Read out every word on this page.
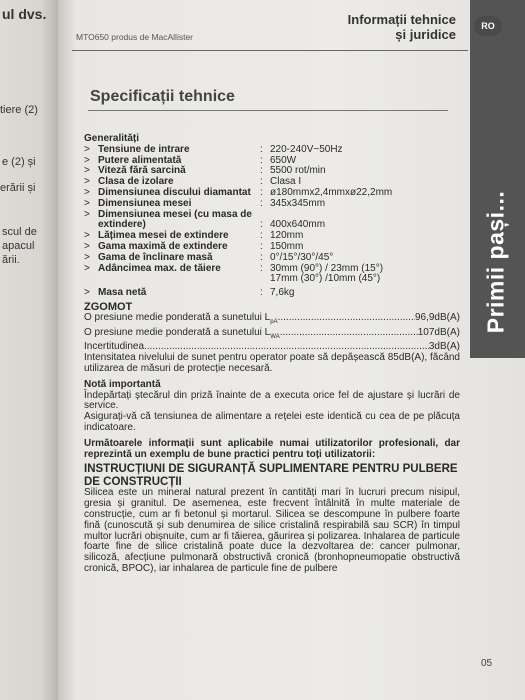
ul dvs.
tiere (2)
e (2) și
erării și
scul de
apacul
ării.
MTO650 produs de MacAllister
Informații tehnice
și juridice
RO
Primii pași...
Specificații tehnice
Generalități
> Tensiune de intrare	: 220-240V~50Hz
> Putere alimentată	: 650W
> Viteză fără sarcină	: 5500 rot/min
> Clasa de izolare	: Clasa I
> Dimensiunea discului diamantat : ø180mmx2,4mmxø22,2mm
> Dimensiunea mesei	: 345x345mm
> Dimensiunea mesei (cu masa de extindere)	: 400x640mm
> Lățimea mesei de extindere	: 120mm
> Gama maximă de extindere	: 150mm
> Gama de înclinare masă	: 0°/15°/30°/45°
> Adâncimea max. de tăiere	: 30mm (90°) / 23mm (15°)
17mm (30°) /10mm (45°)
> Masa netă	: 7,6kg
ZGOMOT
O presiune medie ponderată a sunetului $L_{pA}$ .....	96,9dB(A)
O presiune medie ponderată a sunetului $L_{WA}$ .....	107dB(A)
Incertitudinea .....	3dB(A)
Intensitatea nivelului de sunet pentru operator poate să depășească 85dB(A), făcând utilizarea de măsuri de protecție necesară.
Notă importantă
Îndepărtați ștecărul din priză înainte de a executa orice fel de ajustare și lucrări de service.
Asigurați-vă că tensiunea de alimentare a rețelei este identică cu cea de pe plăcuța indicatoare.
Următoarele informații sunt aplicabile numai utilizatorilor profesionali, dar reprezintă un exemplu de bune practici pentru toți utilizatorii:
INSTRUCȚIUNI DE SIGURANȚĂ SUPLIMENTARE PENTRU PULBERE DE CONSTRUCȚII
Silicea este un mineral natural prezent în cantități mari în lucruri precum nisipul, gresia și granitul. De asemenea, este frecvent întâlnită în multe materiale de construcție, cum ar fi betonul și mortarul. Silicea se descompune în pulbere foarte fină (cunoscută și sub denumirea de silice cristalină respirabilă sau SCR) în timpul multor lucrări obișnuite, cum ar fi tăierea, găurirea și polizarea. Inhalarea de particule foarte fine de silice cristalină poate duce la dezvoltarea de: cancer pulmonar, silicoză, afecțiune pulmonară obstructivă cronică (bronhopneumopatie obstructivă cronică, BPOC), iar inhalarea de particule fine de pulbere
05
